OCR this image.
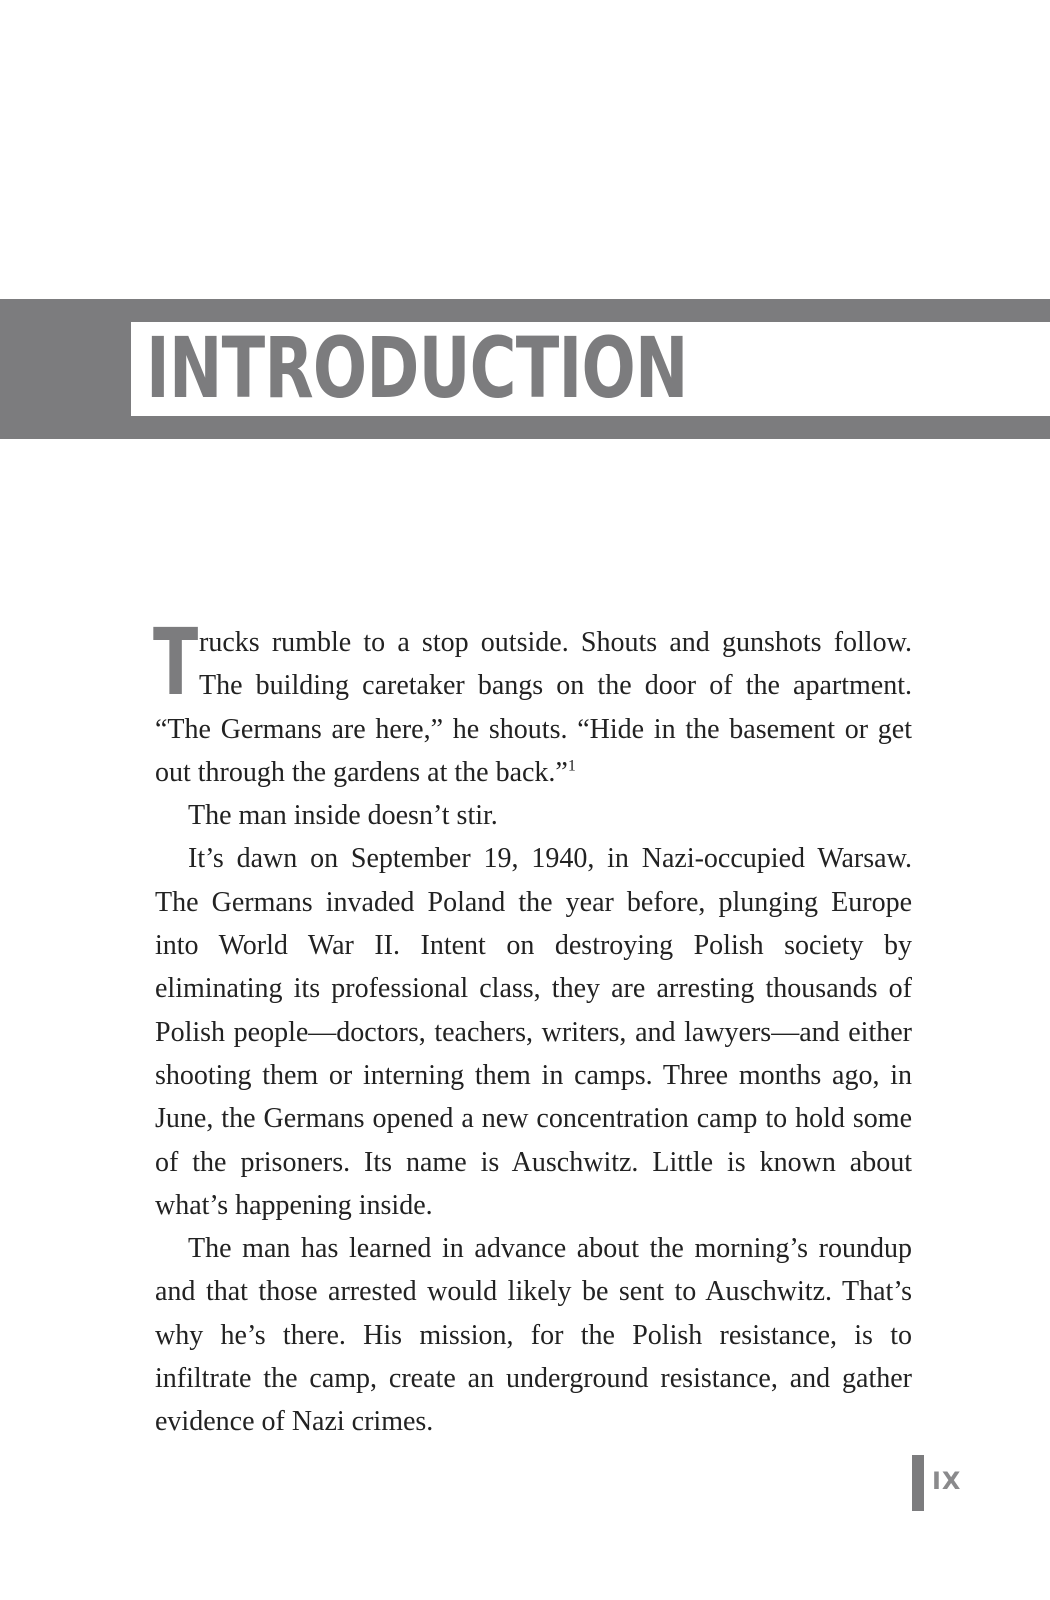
INTRODUCTION

Trucks rumble to a stop outside. Shouts and gunshots follow. The building caretaker bangs on the door of the apartment. “The Germans are here,” he shouts. “Hide in the basement or get out through the gardens at the back.”$^1$

The man inside doesn’t stir.

It’s dawn on September 19, 1940, in Nazi-occupied Warsaw. The Germans invaded Poland the year before, plunging Europe into World War II. Intent on destroying Polish society by eliminating its professional class, they are arresting thousands of Polish people—doctors, teachers, writers, and lawyers—and either shooting them or interning them in camps. Three months ago, in June, the Germans opened a new concentration camp to hold some of the prisoners. Its name is Auschwitz. Little is known about what’s happening inside.

The man has learned in advance about the morning’s roundup and that those arrested would likely be sent to Auschwitz. That’s why he’s there. His mission, for the Polish resistance, is to infiltrate the camp, create an underground resistance, and gather evidence of Nazi crimes.

IX
